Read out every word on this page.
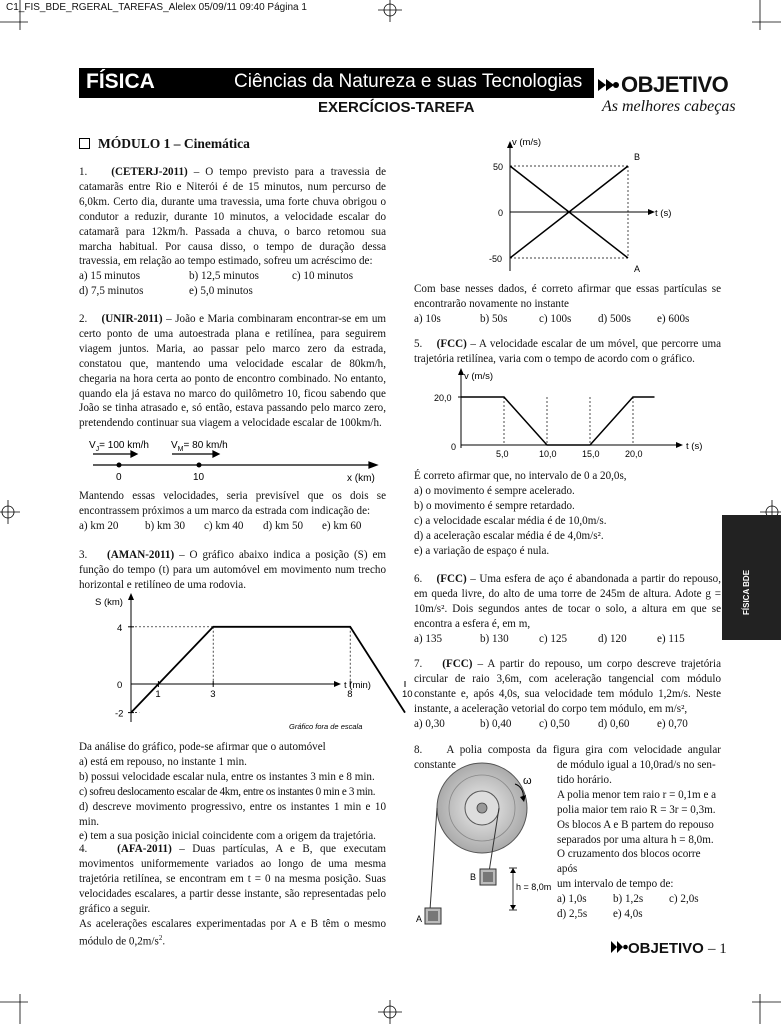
C1_FIS_BDE_RGERAL_TAREFAS_Alelex 05/09/11 09:40 Página 1
FÍSICA	Ciências da Natureza e suas Tecnologias	OBJETIVO
As melhores cabeças
EXERCÍCIOS-TAREFA
MÓDULO 1 – Cinemática

1. (CETERJ-2011) – O tempo previsto para a travessia de catamarãs entre Rio e Niterói é de 15 minutos, num percurso de 6,0km. Certo dia, durante uma travessia, uma forte chuva obrigou o condutor a reduzir, durante 10 minutos, a velocidade escalar do catamarã para 12km/h. Passada a chuva, o barco retomou sua marcha habitual. Por causa disso, o tempo de duração dessa travessia, em relação ao tempo estimado, sofreu um acréscimo de:

a) 15 minutos	b) 12,5 minutos	c) 10 minutos
d) 7,5 minutos	e) 5,0 minutos

2. (UNIR-2011) – João e Maria combinaram encontrar-se em um certo ponto de uma autoestrada plana e retilínea, para seguirem viagem juntos. Maria, ao passar pelo marco zero da estrada, constatou que, mantendo uma velocidade escalar de 80km/h, chegaria na hora certa ao ponto de encontro combinado. No entanto, quando ela já estava no marco do quilômetro 10, ficou sabendo que João se tinha atrasado e, só então, estava passando pelo marco zero, pretendendo continuar sua viagem a velocidade escalar de 100km/h.

$V_J= 100$ km/h $V_M= 80$ km/h
0	10	x (km)

Mantendo essas velocidades, seria previsível que os dois se encontrassem próximos a um marco da estrada com indicação de:

a) km 20	b) km 30	c) km 40	d) km 50	e) km 60

3. (AMAN-2011) – O gráfico abaixo indica a posição (S) em função do tempo (t) para um automóvel em movimento num trecho horizontal e retilíneo de uma rodovia.

t (min)
S (km)
0
4
-2
1	3	8	10
Gráfico fora de escala

Da análise do gráfico, pode-se afirmar que o automóvel

a) está em repouso, no instante 1 min.

b) possui velocidade escalar nula, entre os instantes 3 min e 8 min.

c) sofreu deslocamento escalar de 4km, entre os instantes 0 min e 3 min.

d) descreve movimento progressivo, entre os instantes 1 min e 10 min.

e) tem a sua posição inicial coincidente com a origem da trajetória.

4.	(AFA-2011) – Duas partículas, A e B, que executam movimentos uniformemente variados ao longo de uma mesma trajetória retilínea, se encontram em t = 0 na mesma posição. Suas velocidades escalares, a partir desse instante, são representadas pelo gráfico a seguir.

As acelerações escalares experimentadas por A e B têm o mesmo módulo de $0,2m/s^2$.

t (s)
v (m/s)
50
0
-50
A
B

Com base nesses dados, é correto afirmar que essas partículas se encontrarão novamente no instante

a) 10s	b) 50s	c) 100s	d) 500s	e) 600s

5. (FCC) – A velocidade escalar de um móvel, que percorre uma trajetória retilínea, varia com o tempo de acordo com o gráfico.

t (s)
v (m/s)
0
20,0
5,0	10,0	15,0	20,0

É correto afirmar que, no intervalo de 0 a 20,0s,

a) o movimento é sempre acelerado.

b) o movimento é sempre retardado.

c) a velocidade escalar média é de 10,0m/s.

d) a aceleração escalar média é de 4,0m/s².

e) a variação de espaço é nula.

6. (FCC) – Uma esfera de aço é abandonada a partir do repouso, em queda livre, do alto de uma torre de 245m de altura. Adote g = 10m/s². Dois segundos antes de tocar o solo, a altura em que se encontra a esfera é, em m,

a) 135	b) 130	c) 125	d) 120	e) 115

7. (FCC) – A partir do repouso, um corpo descreve trajetória circular de raio 3,6m, com aceleração tangencial com módulo constante e, após 4,0s, sua velocidade tem módulo 1,2m/s. Neste instante, a aceleração vetorial do corpo tem módulo, em m/s²,

a) 0,30	b) 0,40	c) 0,50	d) 0,60	e) 0,70

8. A polia composta da figura gira com velocidade angular constante	de módulo igual a 10,0rad/s no sen-

tido horário.

A polia menor tem raio r = 0,1m e a

polia maior tem raio R = 3r = 0,3m.

Os blocos A e B partem do repouso

separados por uma altura h = 8,0m.

O cruzamento dos blocos ocorre após

um intervalo de tempo de:

a) 1,0s	b) 1,2s	c) 2,0s
d) 2,5s	e) 4,0s
ω
B
A
h = 8,0m
FÍSICA BDE
OBJETIVO – 1
